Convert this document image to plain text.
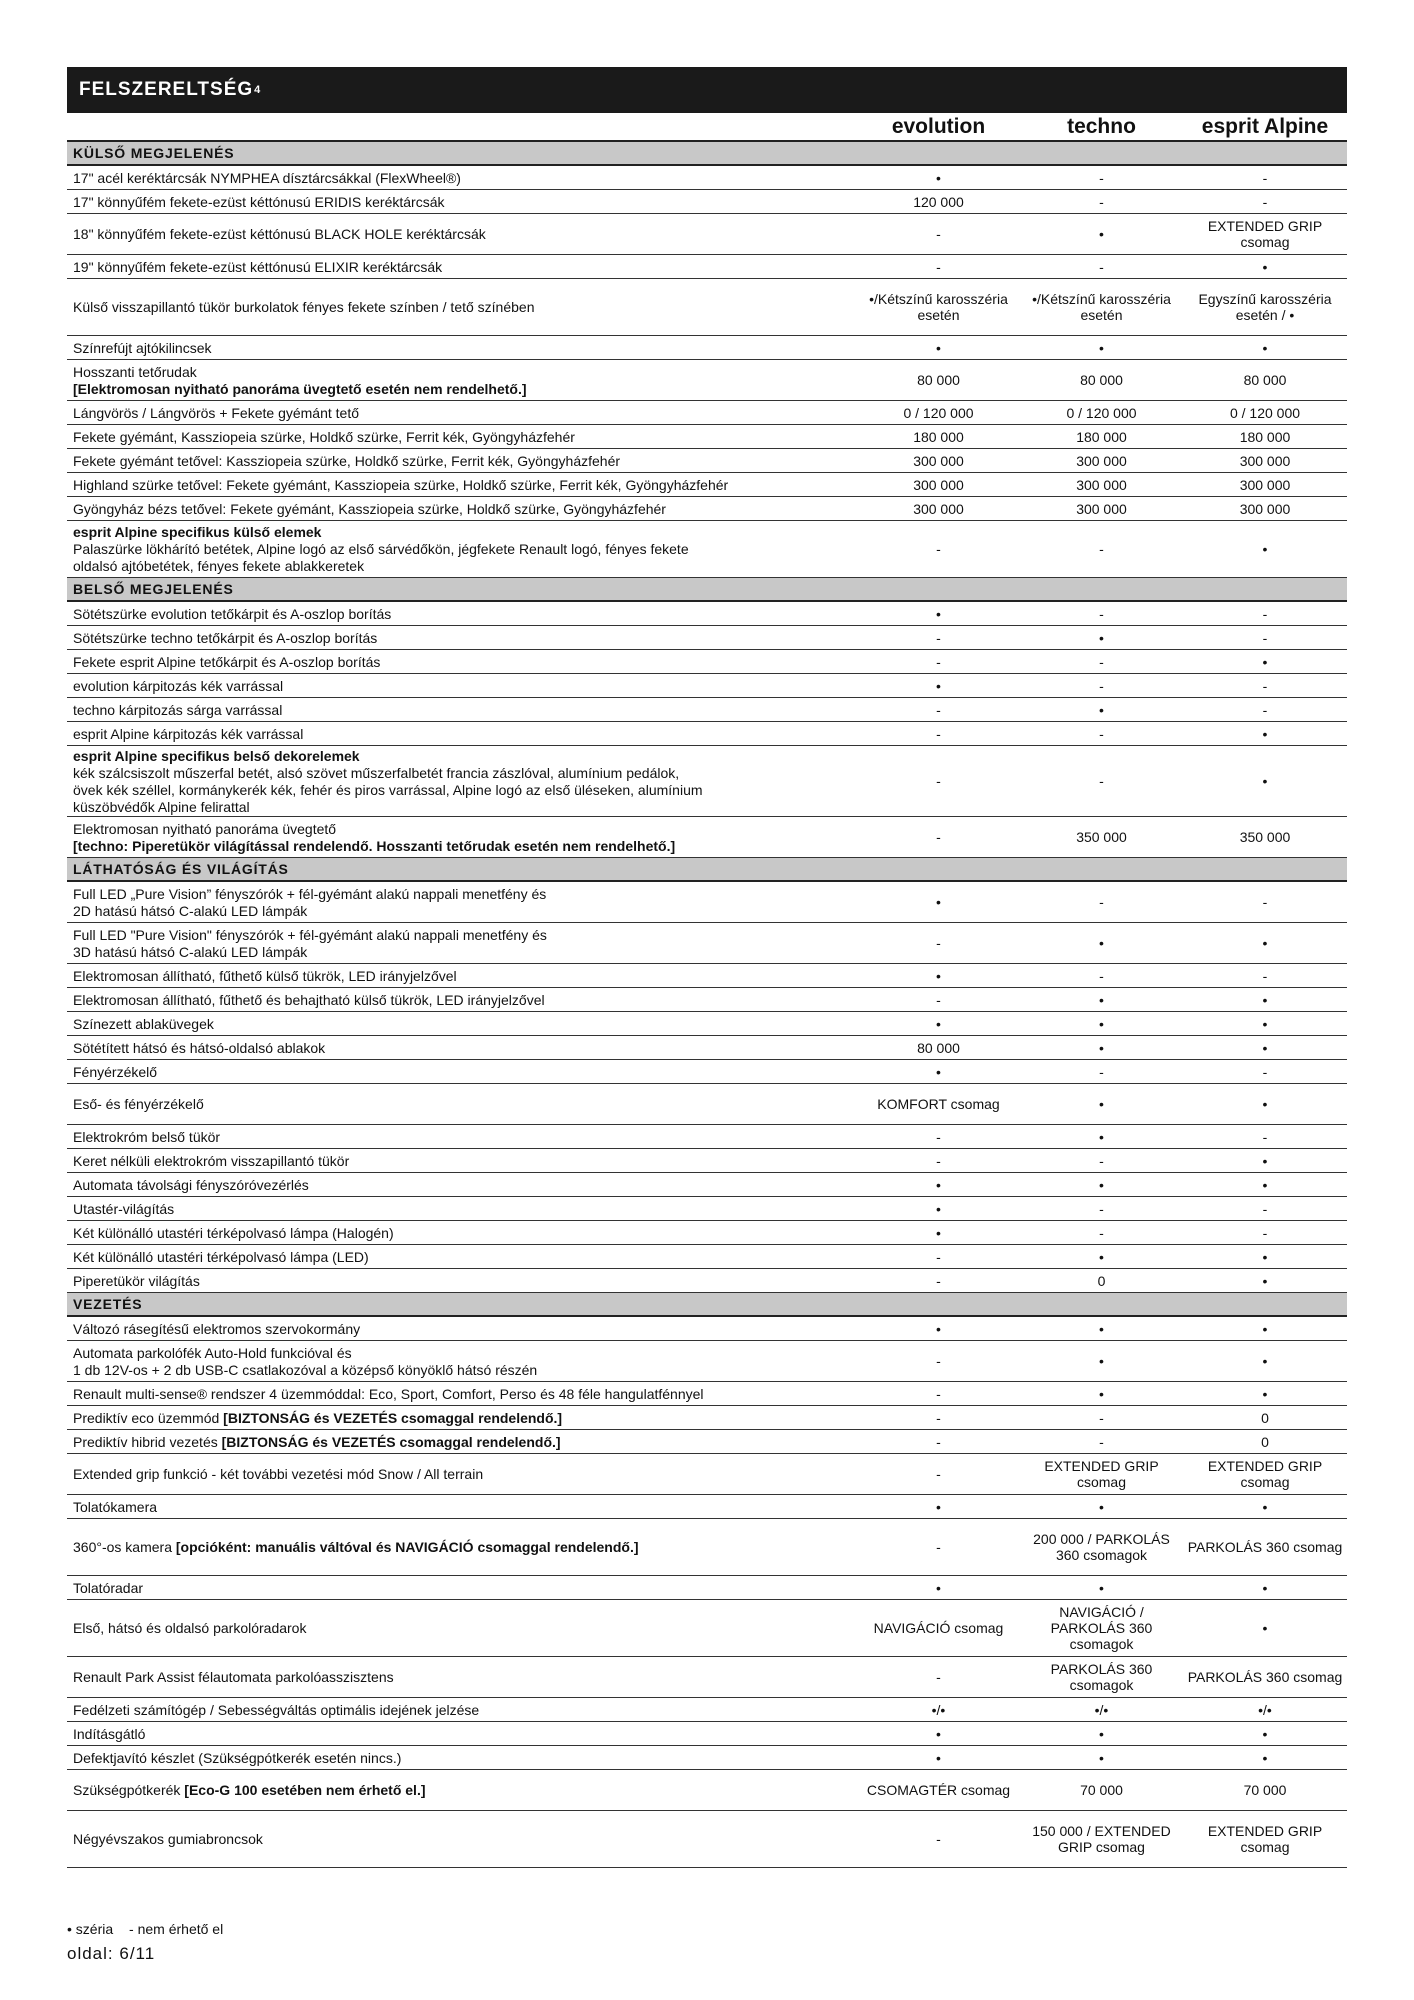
FELSZERELTSÉG 4
	evolution	techno	esprit Alpine
KÜLSŐ MEGJELENÉS			

17" acél keréktárcsák NYMPHEA dísztárcsákkal (FlexWheel®)	•	-	-

17" könnyűfém fekete-ezüst kéttónusú ERIDIS keréktárcsák	120 000	-	-

18" könnyűfém fekete-ezüst kéttónusú BLACK HOLE keréktárcsák	-	•	EXTENDED GRIP csomag

19" könnyűfém fekete-ezüst kéttónusú ELIXIR keréktárcsák	-	-	•

Külső visszapillantó tükör burkolatok fényes fekete színben / tető színében	•/Kétszínű karosszéria esetén	•/Kétszínű karosszéria esetén	Egyszínű karosszéria esetén / •

Színrefújt ajtókilincsek	•	•	•

Hosszanti tetőrudak
[Elektromosan nyitható panoráma üvegtető esetén nem rendelhető.]	80 000	80 000	80 000

Lángvörös / Lángvörös + Fekete gyémánt tető	0 / 120 000	0 / 120 000	0 / 120 000

Fekete gyémánt, Kassziopeia szürke, Holdkő szürke, Ferrit kék, Gyöngyházfehér	180 000	180 000	180 000

Fekete gyémánt tetővel: Kassziopeia szürke, Holdkő szürke, Ferrit kék, Gyöngyházfehér	300 000	300 000	300 000

Highland szürke tetővel: Fekete gyémánt, Kassziopeia szürke, Holdkő szürke, Ferrit kék, Gyöngyházfehér	300 000	300 000	300 000

Gyöngyház bézs tetővel: Fekete gyémánt, Kassziopeia szürke, Holdkő szürke, Gyöngyházfehér	300 000	300 000	300 000

esprit Alpine specifikus külső elemek
Palaszürke lökhárító betétek, Alpine logó az első sárvédőkön, jégfekete Renault logó, fényes fekete
oldalsó ajtóbetétek, fényes fekete ablakkeretek	-	-	•
BELSŐ MEGJELENÉS			

Sötétszürke evolution tetőkárpit és A-oszlop borítás	•	-	-

Sötétszürke techno tetőkárpit és A-oszlop borítás	-	•	-

Fekete esprit Alpine tetőkárpit és A-oszlop borítás	-	-	•

evolution kárpitozás kék varrással	•	-	-

techno kárpitozás sárga varrással	-	•	-

esprit Alpine kárpitozás kék varrással	-	-	•

esprit Alpine specifikus belső dekorelemek
kék szálcsiszolt műszerfal betét, alsó szövet műszerfalbetét francia zászlóval, alumínium pedálok,
övek kék széllel, kormánykerék kék, fehér és piros varrással, Alpine logó az első üléseken, alumínium
küszöbvédők Alpine felirattal	-	-	•

Elektromosan nyitható panoráma üvegtető
[techno: Piperetükör világítással rendelendő. Hosszanti tetőrudak esetén nem rendelhető.]	-	350 000	350 000
LÁTHATÓSÁG ÉS VILÁGÍTÁS			

Full LED „Pure Vision” fényszórók + fél-gyémánt alakú nappali menetfény és
2D hatású hátsó C-alakú LED lámpák	•	-	-

Full LED "Pure Vision" fényszórók + fél-gyémánt alakú nappali menetfény és
3D hatású hátsó C-alakú LED lámpák	-	•	•

Elektromosan állítható, fűthető külső tükrök, LED irányjelzővel	•	-	-

Elektromosan állítható, fűthető és behajtható külső tükrök, LED irányjelzővel	-	•	•

Színezett ablaküvegek	•	•	•

Sötétített hátsó és hátsó-oldalsó ablakok	80 000	•	•

Fényérzékelő	•	-	-

Eső- és fényérzékelő	KOMFORT csomag	•	•

Elektrokróm belső tükör	-	•	-

Keret nélküli elektrokróm visszapillantó tükör	-	-	•

Automata távolsági fényszóróvezérlés	•	•	•

Utastér-világítás	•	-	-

Két különálló utastéri térképolvasó lámpa (Halogén)	•	-	-

Két különálló utastéri térképolvasó lámpa (LED)	-	•	•

Piperetükör világítás	-	0	•
VEZETÉS			

Változó rásegítésű elektromos szervokormány	•	•	•

Automata parkolófék Auto-Hold funkcióval és
1 db 12V-os + 2 db USB-C csatlakozóval a középső könyöklő hátsó részén	-	•	•

Renault multi-sense® rendszer 4 üzemmóddal: Eco, Sport, Comfort, Perso és 48 féle hangulatfénnyel	-	•	•
Prediktív eco üzemmód [BIZTONSÁG és VEZETÉS csomaggal rendelendő.]	-	-	0
Prediktív hibrid vezetés [BIZTONSÁG és VEZETÉS csomaggal rendelendő.]	-	-	0

Extended grip funkció - két további vezetési mód Snow / All terrain	-	EXTENDED GRIP csomag	EXTENDED GRIP csomag

Tolatókamera	•	•	•
360°-os kamera [opcióként: manuális váltóval és NAVIGÁCIÓ csomaggal rendelendő.]	-	200 000 / PARKOLÁS 360 csomagok	PARKOLÁS 360 csomag

Tolatóradar	•	•	•

Első, hátsó és oldalsó parkolóradarok	NAVIGÁCIÓ csomag	NAVIGÁCIÓ / PARKOLÁS 360 csomagok	•

Renault Park Assist félautomata parkolóasszisztens	-	PARKOLÁS 360 csomagok	PARKOLÁS 360 csomag

Fedélzeti számítógép / Sebességváltás optimális idejének jelzése	•/•	•/•	•/•

Indításgátló	•	•	•

Defektjavító készlet (Szükségpótkerék esetén nincs.)	•	•	•
Szükségpótkerék [Eco-G 100 esetében nem érhető el.]	CSOMAGTÉR csomag	70 000	70 000

Négyévszakos gumiabroncsok	-	150 000 / EXTENDED GRIP csomag	EXTENDED GRIP csomag
• széria - nem érhető el
oldal: 6/11
